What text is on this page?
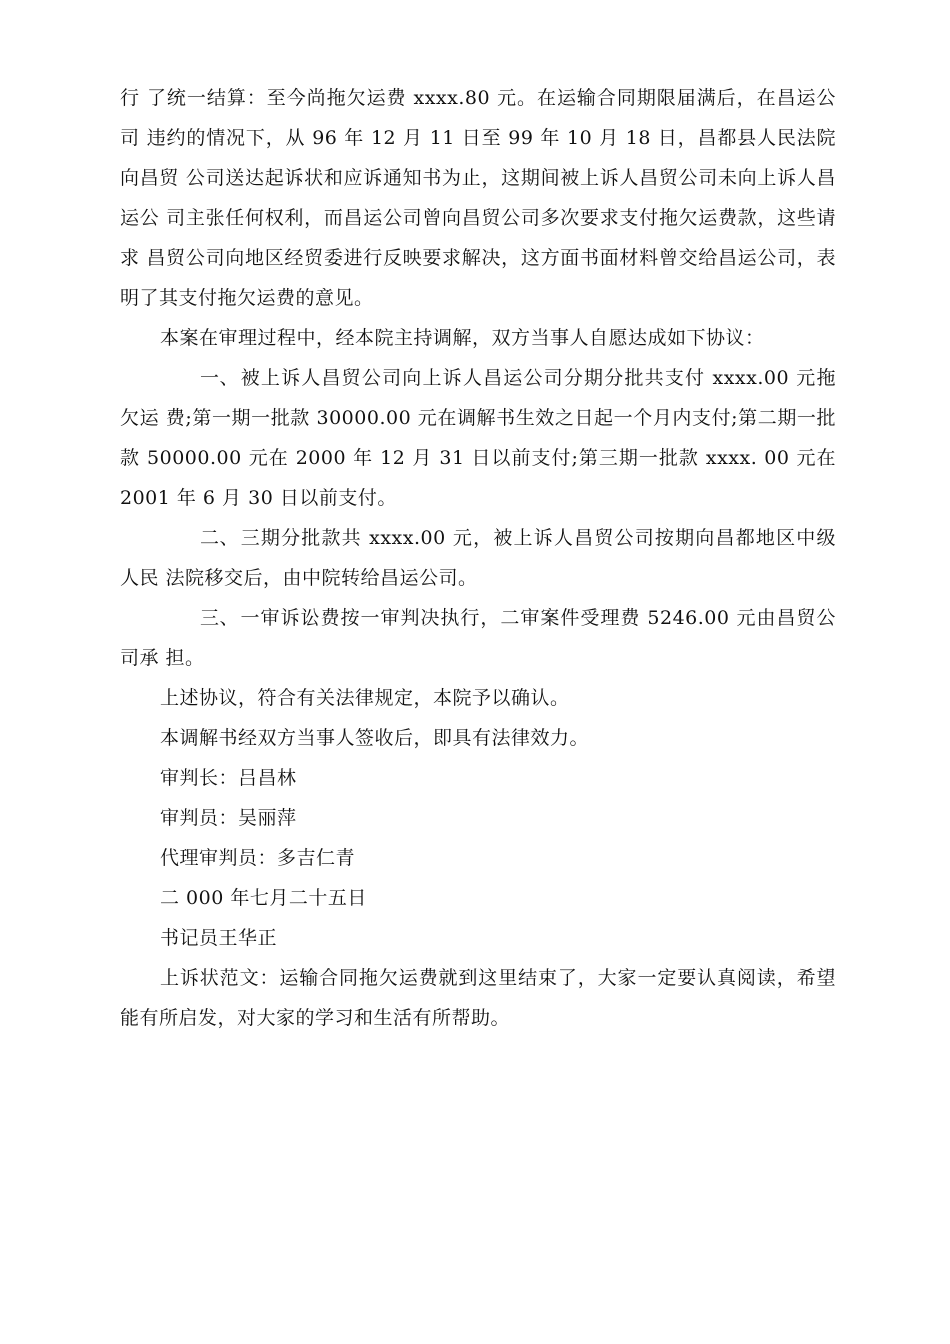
行 了统一结算：至今尚拖欠运费 xxxx.80 元。在运输合同期限届满后，在昌运公司 违约的情况下，从 96 年 12 月 11 日至 99 年 10 月 18 日，昌都县人民法院向昌贸 公司送达起诉状和应诉通知书为止，这期间被上诉人昌贸公司未向上诉人昌运公 司主张任何权利，而昌运公司曾向昌贸公司多次要求支付拖欠运费款，这些请求 昌贸公司向地区经贸委进行反映要求解决，这方面书面材料曾交给昌运公司，表 明了其支付拖欠运费的意见。

本案在审理过程中，经本院主持调解，双方当事人自愿达成如下协议：

一、被上诉人昌贸公司向上诉人昌运公司分期分批共支付 xxxx.00 元拖欠运 费;第一期一批款 30000.00 元在调解书生效之日起一个月内支付;第二期一批款 50000.00 元在 2000 年 12 月 31 日以前支付;第三期一批款 xxxx. 00 元在 2001 年 6 月 30 日以前支付。

二、三期分批款共 xxxx.00 元，被上诉人昌贸公司按期向昌都地区中级人民 法院移交后，由中院转给昌运公司。

三、一审诉讼费按一审判决执行，二审案件受理费 5246.00 元由昌贸公司承 担。

上述协议，符合有关法律规定，本院予以确认。

本调解书经双方当事人签收后，即具有法律效力。

审判长：吕昌林

审判员：吴丽萍

代理审判员：多吉仁青

二 000 年七月二十五日

书记员王华正

上诉状范文：运输合同拖欠运费就到这里结束了，大家一定要认真阅读，希望能有所启发，对大家的学习和生活有所帮助。
